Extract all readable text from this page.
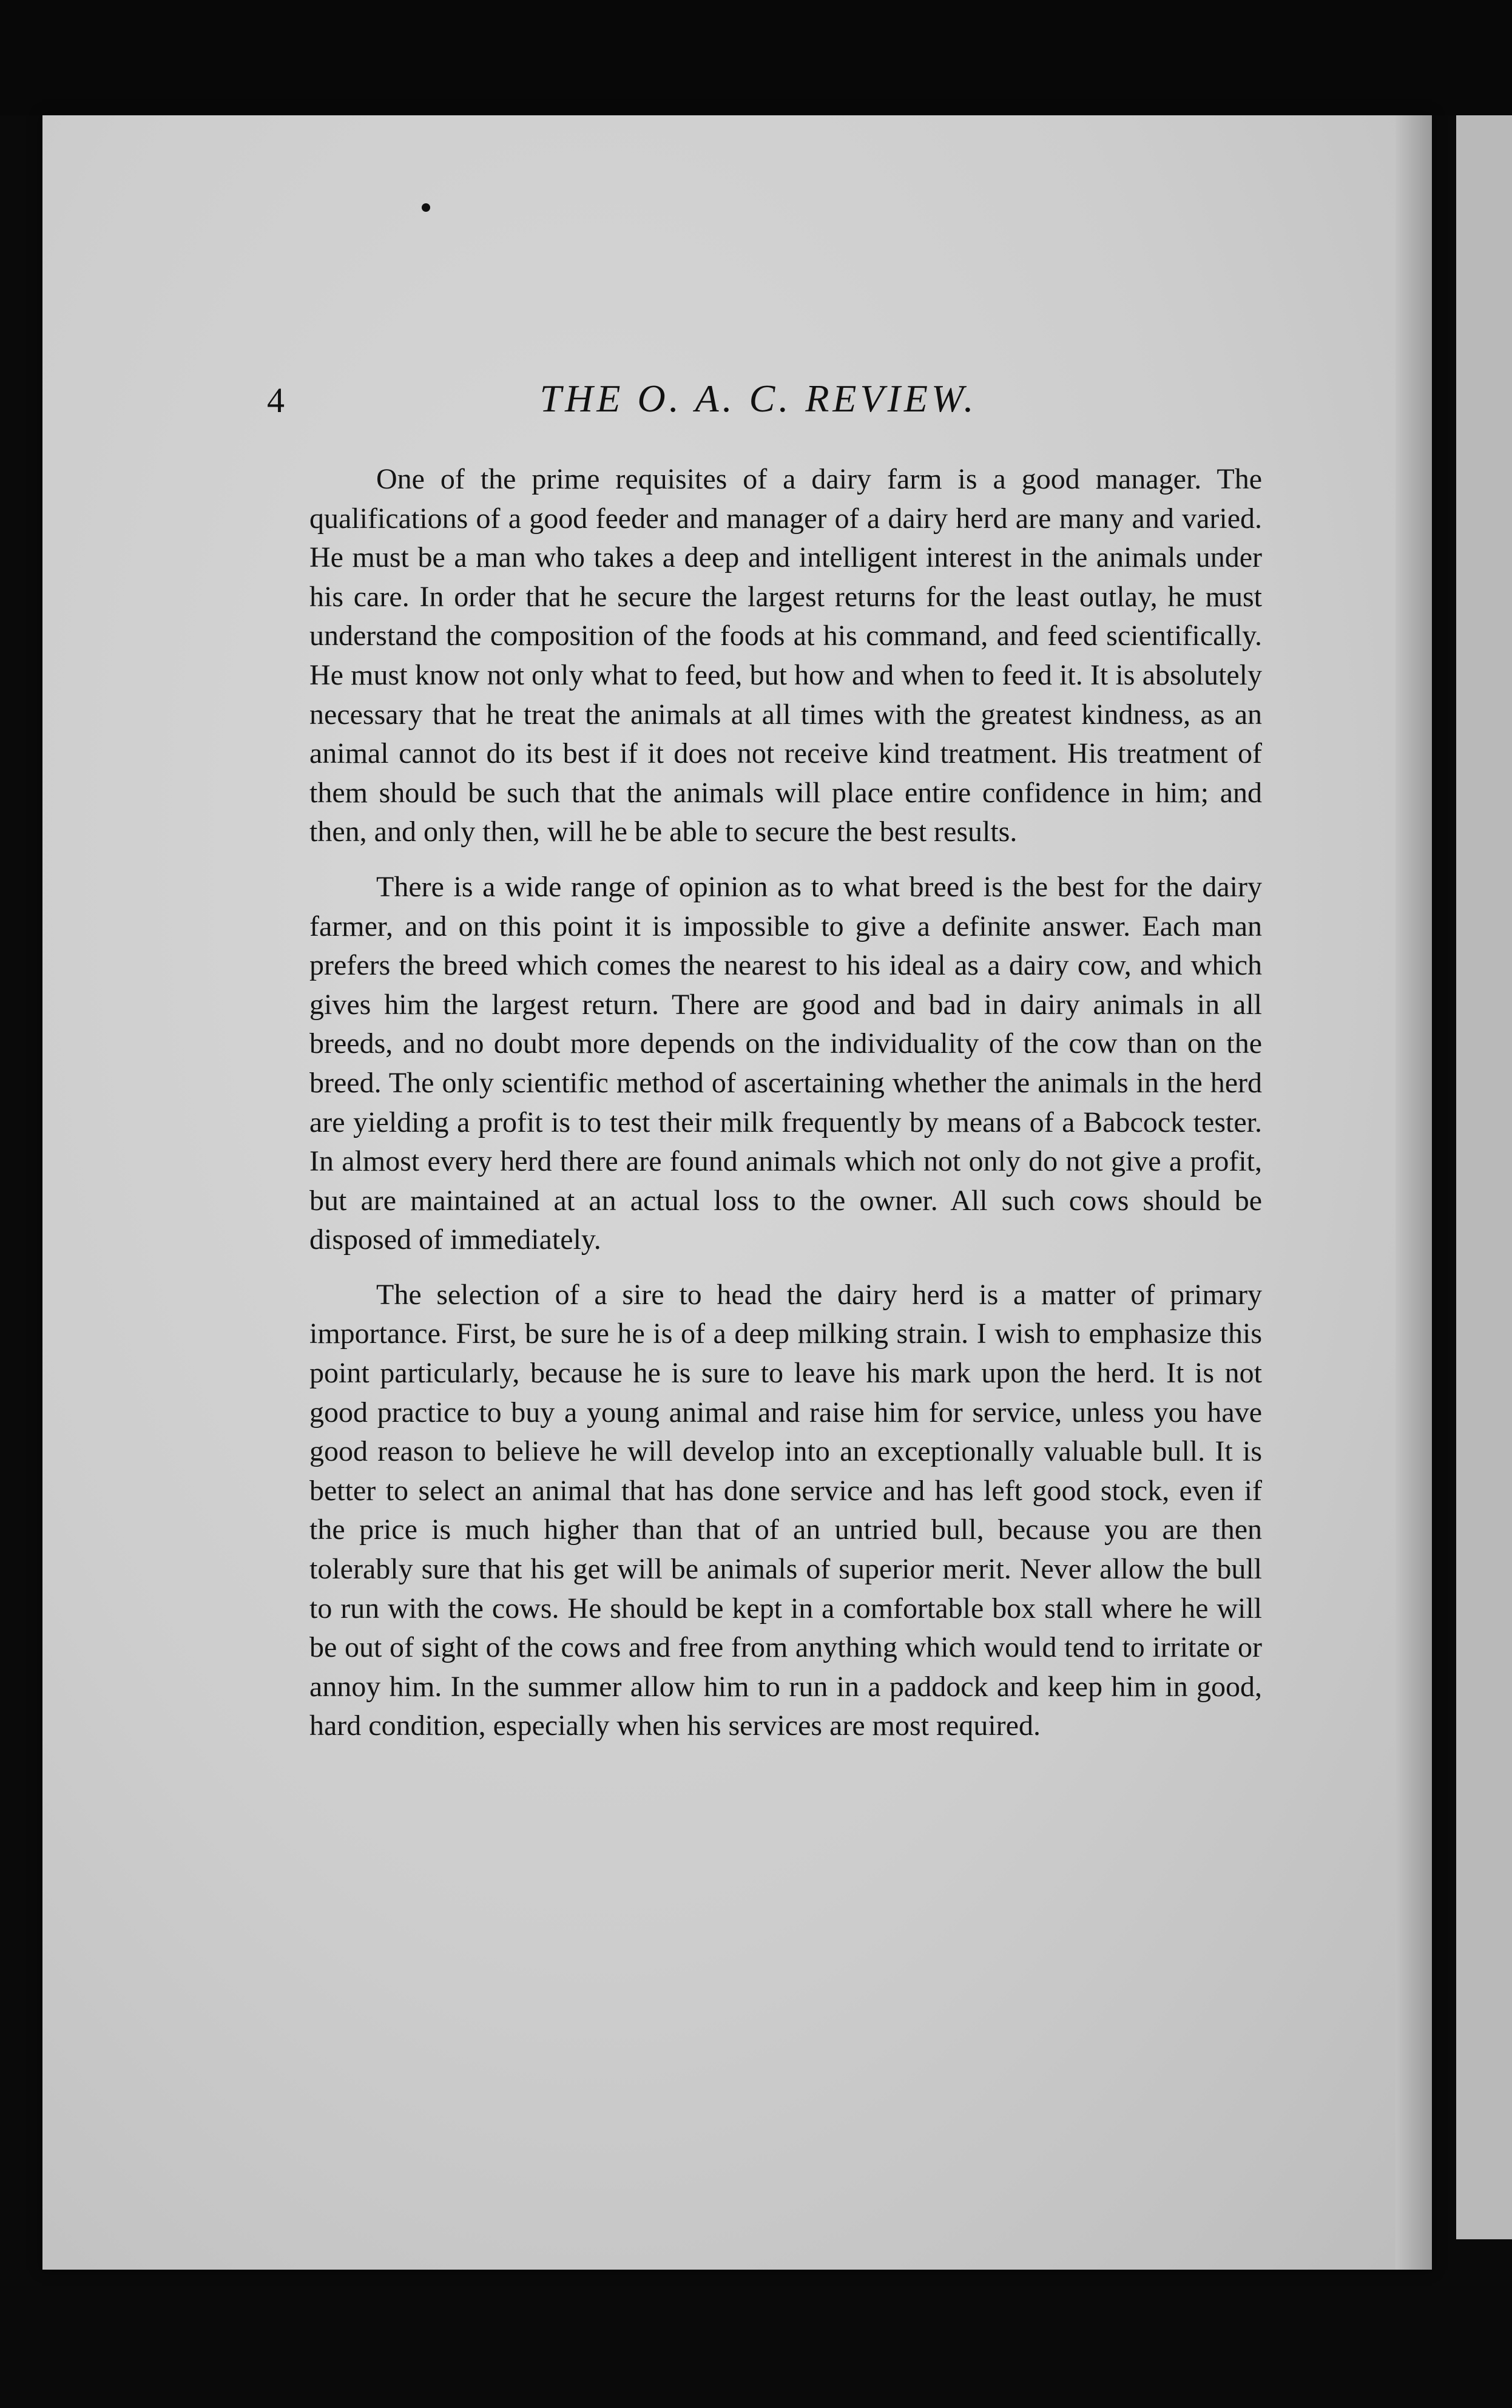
4	THE O. A. C. REVIEW.

One of the prime requisites of a dairy farm is a good manager. The qualifications of a good feeder and manager of a dairy herd are many and varied. He must be a man who takes a deep and intelligent interest in the animals under his care. In order that he secure the largest returns for the least outlay, he must understand the composition of the foods at his command, and feed scientifically. He must know not only what to feed, but how and when to feed it. It is absolutely necessary that he treat the animals at all times with the greatest kindness, as an animal cannot do its best if it does not receive kind treatment. His treatment of them should be such that the animals will place entire confidence in him; and then, and only then, will he be able to secure the best results.

There is a wide range of opinion as to what breed is the best for the dairy farmer, and on this point it is impossible to give a definite answer. Each man prefers the breed which comes the nearest to his ideal as a dairy cow, and which gives him the largest return. There are good and bad in dairy animals in all breeds, and no doubt more depends on the individuality of the cow than on the breed. The only scientific method of ascertaining whether the animals in the herd are yielding a profit is to test their milk frequently by means of a Babcock tester. In almost every herd there are found animals which not only do not give a profit, but are maintained at an actual loss to the owner. All such cows should be disposed of immediately.

The selection of a sire to head the dairy herd is a matter of primary importance. First, be sure he is of a deep milking strain. I wish to emphasize this point particularly, because he is sure to leave his mark upon the herd. It is not good practice to buy a young animal and raise him for service, unless you have good reason to believe he will develop into an exceptionally valuable bull. It is better to select an animal that has done service and has left good stock, even if the price is much higher than that of an untried bull, because you are then tolerably sure that his get will be animals of superior merit. Never allow the bull to run with the cows. He should be kept in a comfortable box stall where he will be out of sight of the cows and free from anything which would tend to irritate or annoy him. In the summer allow him to run in a paddock and keep him in good, hard condition, especially when his services are most required.
